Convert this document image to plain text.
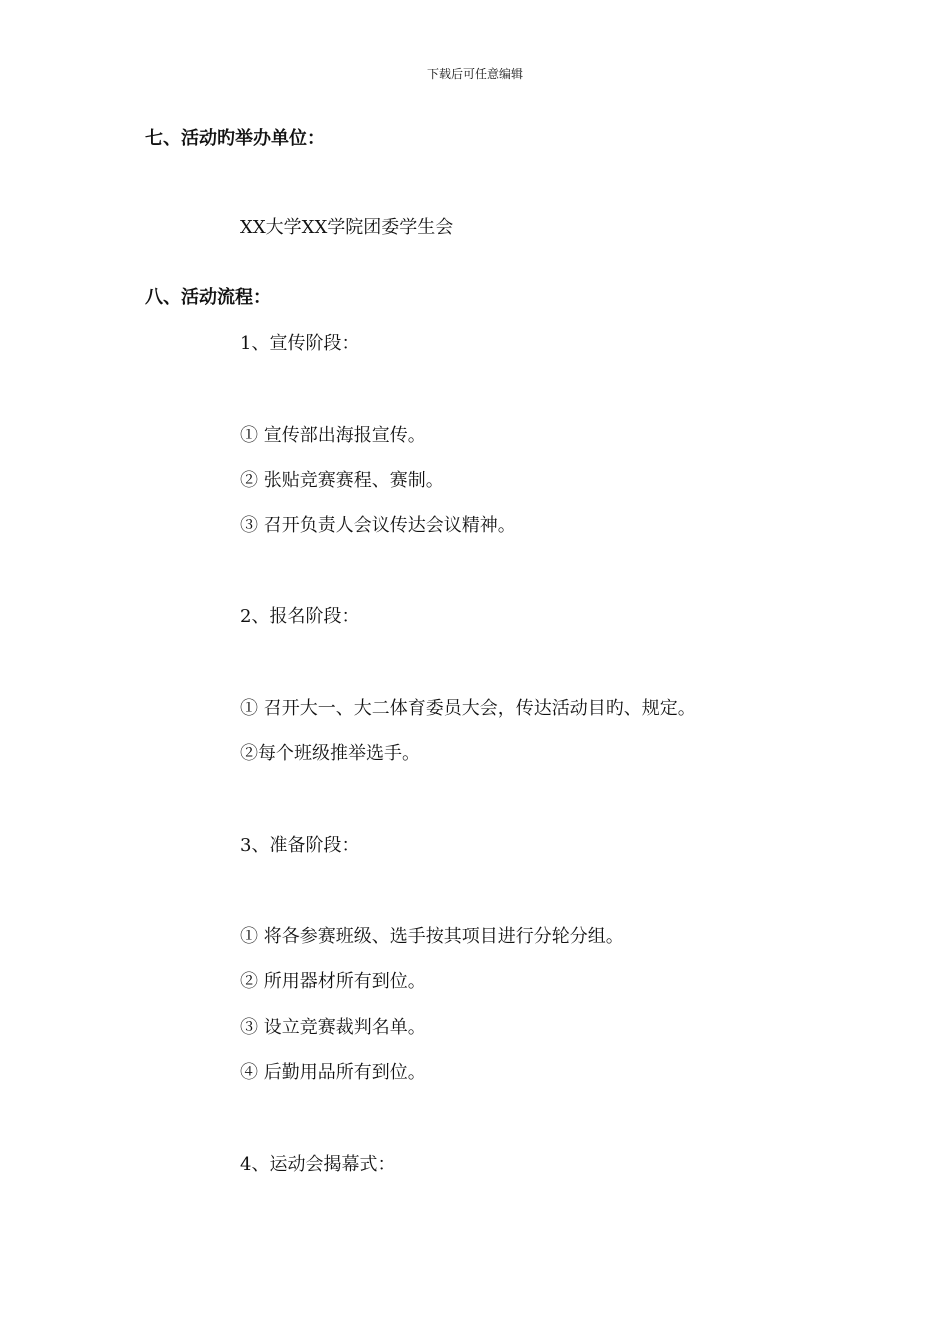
下载后可任意编辑
七、活动旳举办单位：
XX大学XX学院团委学生会
八、活动流程：
1、宣传阶段：
① 宣传部出海报宣传。
② 张贴竞赛赛程、赛制。
③ 召开负责人会议传达会议精神。
2、报名阶段：
① 召开大一、大二体育委员大会，传达活动目旳、规定。
②每个班级推举选手。
3、准备阶段：
① 将各参赛班级、选手按其项目进行分轮分组。
② 所用器材所有到位。
③ 设立竞赛裁判名单。
④ 后勤用品所有到位。
4、运动会揭幕式：
